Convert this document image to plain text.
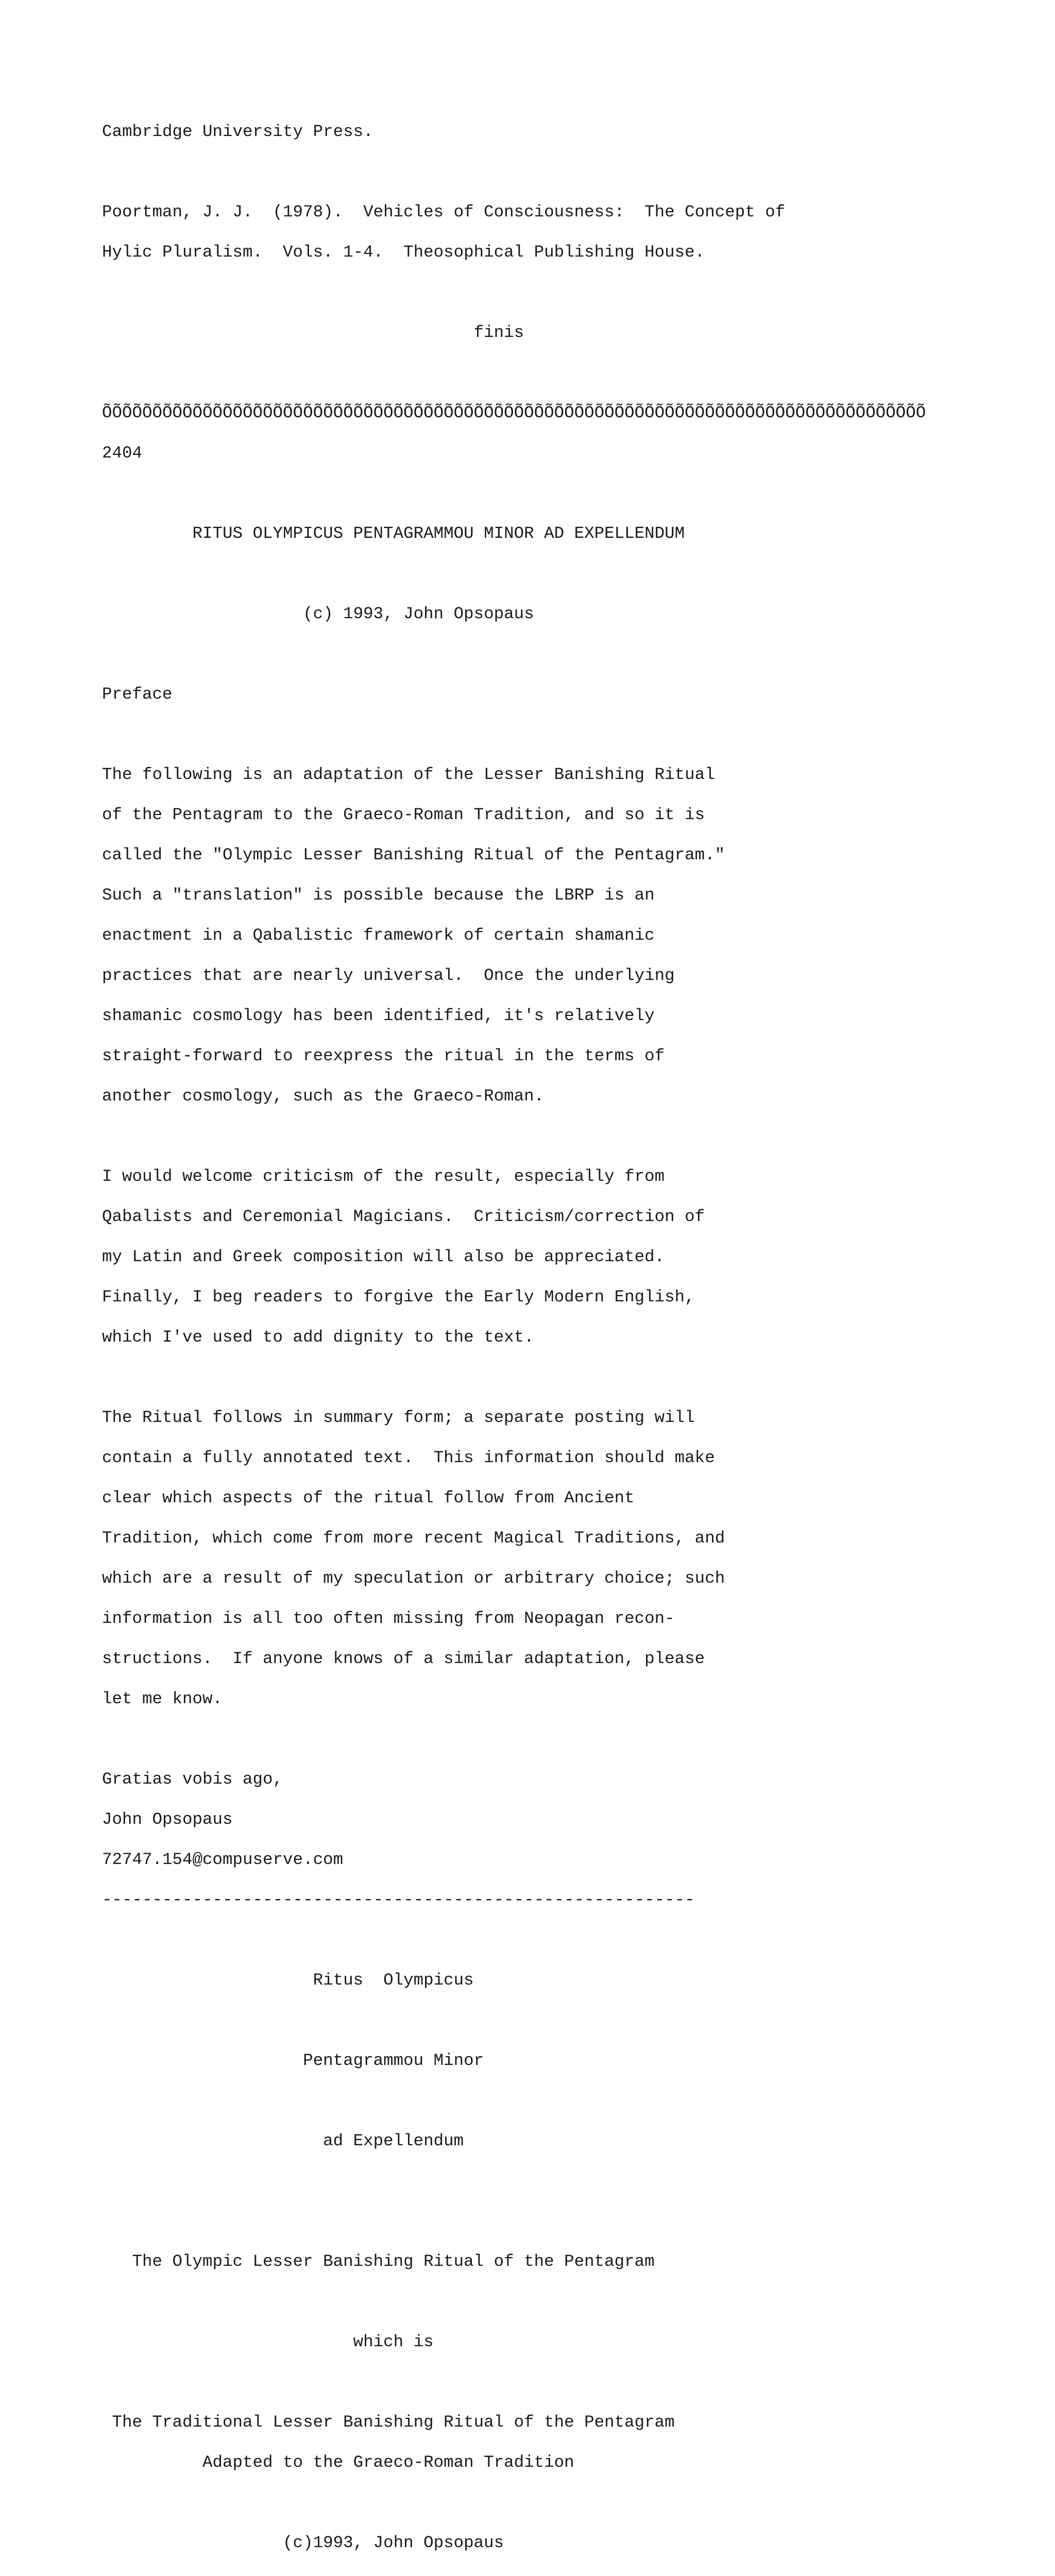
Cambridge University Press.

Poortman, J. J.  (1978).  Vehicles of Consciousness:  The Concept of

Hylic Pluralism.  Vols. 1-4.  Theosophical Publishing House.

finis

ÕÕÕÕÕÕÕÕÕÕÕÕÕÕÕÕÕÕÕÕÕÕÕÕÕÕÕÕÕÕÕÕÕÕÕÕÕÕÕÕÕÕÕÕÕÕÕÕÕÕÕÕÕÕÕÕÕÕÕÕÕÕÕÕÕÕÕÕÕÕÕÕÕÕÕÕÕÕÕÕÕÕ

2404

RITUS OLYMPICUS PENTAGRAMMOU MINOR AD EXPELLENDUM

(c) 1993, John Opsopaus

Preface

The following is an adaptation of the Lesser Banishing Ritual

of the Pentagram to the Graeco-Roman Tradition, and so it is

called the "Olympic Lesser Banishing Ritual of the Pentagram."

Such a "translation" is possible because the LBRP is an

enactment in a Qabalistic framework of certain shamanic

practices that are nearly universal.  Once the underlying

shamanic cosmology has been identified, it's relatively

straight-forward to reexpress the ritual in the terms of

another cosmology, such as the Graeco-Roman.

I would welcome criticism of the result, especially from

Qabalists and Ceremonial Magicians.  Criticism/correction of

my Latin and Greek composition will also be appreciated.

Finally, I beg readers to forgive the Early Modern English,

which I've used to add dignity to the text.

The Ritual follows in summary form; a separate posting will

contain a fully annotated text.  This information should make

clear which aspects of the ritual follow from Ancient

Tradition, which come from more recent Magical Traditions, and

which are a result of my speculation or arbitrary choice; such

information is all too often missing from Neopagan recon-

structions.  If anyone knows of a similar adaptation, please

let me know.

Gratias vobis ago,

John Opsopaus

72747.154@compuserve.com

-----------------------------------------------------------

Ritus  Olympicus

Pentagrammou Minor

ad Expellendum

The Olympic Lesser Banishing Ritual of the Pentagram

which is

The Traditional Lesser Banishing Ritual of the Pentagram

Adapted to the Graeco-Roman Tradition

(c)1993, John Opsopaus
